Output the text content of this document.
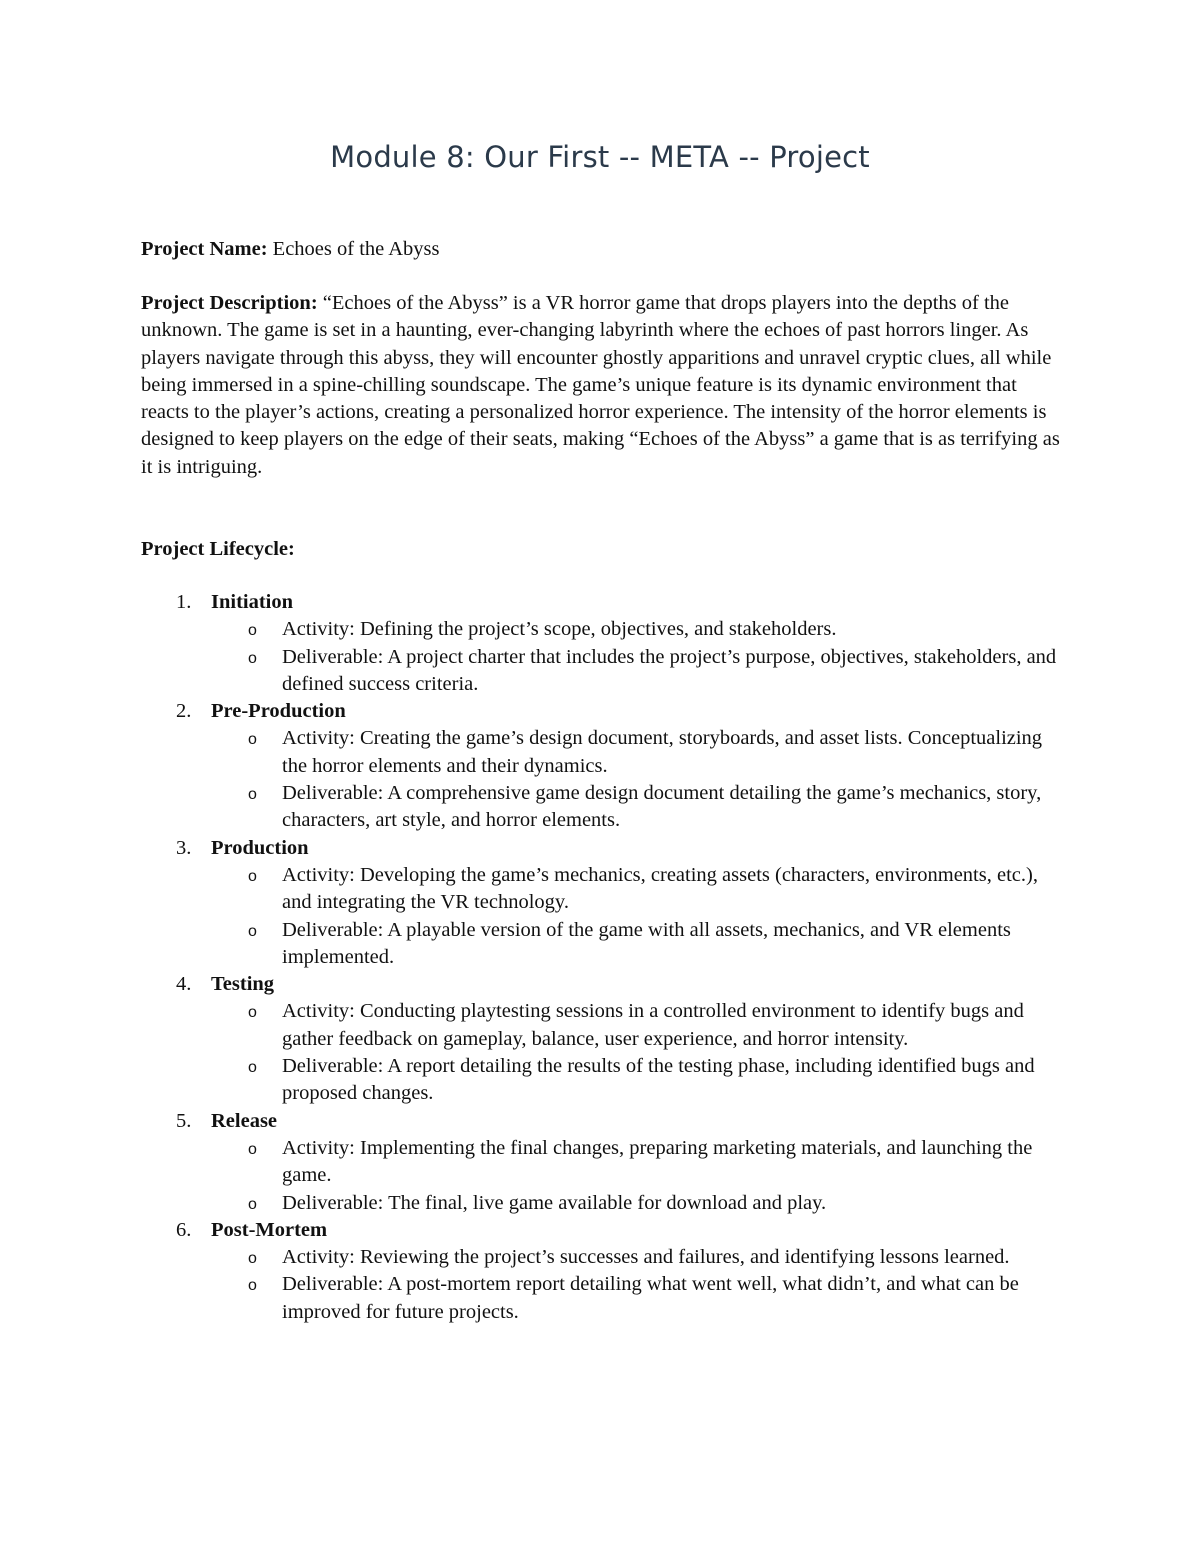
Module 8: Our First -- META -- Project
Project Name: Echoes of the Abyss
Project Description: “Echoes of the Abyss” is a VR horror game that drops players into the depths of the unknown. The game is set in a haunting, ever-changing labyrinth where the echoes of past horrors linger. As players navigate through this abyss, they will encounter ghostly apparitions and unravel cryptic clues, all while being immersed in a spine-chilling soundscape. The game’s unique feature is its dynamic environment that reacts to the player’s actions, creating a personalized horror experience. The intensity of the horror elements is designed to keep players on the edge of their seats, making “Echoes of the Abyss” a game that is as terrifying as it is intriguing.
Project Lifecycle:
1. Initiation
o Activity: Defining the project’s scope, objectives, and stakeholders.
o Deliverable: A project charter that includes the project’s purpose, objectives, stakeholders, and defined success criteria.
2. Pre-Production
o Activity: Creating the game’s design document, storyboards, and asset lists. Conceptualizing the horror elements and their dynamics.
o Deliverable: A comprehensive game design document detailing the game’s mechanics, story, characters, art style, and horror elements.
3. Production
o Activity: Developing the game’s mechanics, creating assets (characters, environments, etc.), and integrating the VR technology.
o Deliverable: A playable version of the game with all assets, mechanics, and VR elements implemented.
4. Testing
o Activity: Conducting playtesting sessions in a controlled environment to identify bugs and gather feedback on gameplay, balance, user experience, and horror intensity.
o Deliverable: A report detailing the results of the testing phase, including identified bugs and proposed changes.
5. Release
o Activity: Implementing the final changes, preparing marketing materials, and launching the game.
o Deliverable: The final, live game available for download and play.
6. Post-Mortem
o Activity: Reviewing the project’s successes and failures, and identifying lessons learned.
o Deliverable: A post-mortem report detailing what went well, what didn’t, and what can be improved for future projects.
